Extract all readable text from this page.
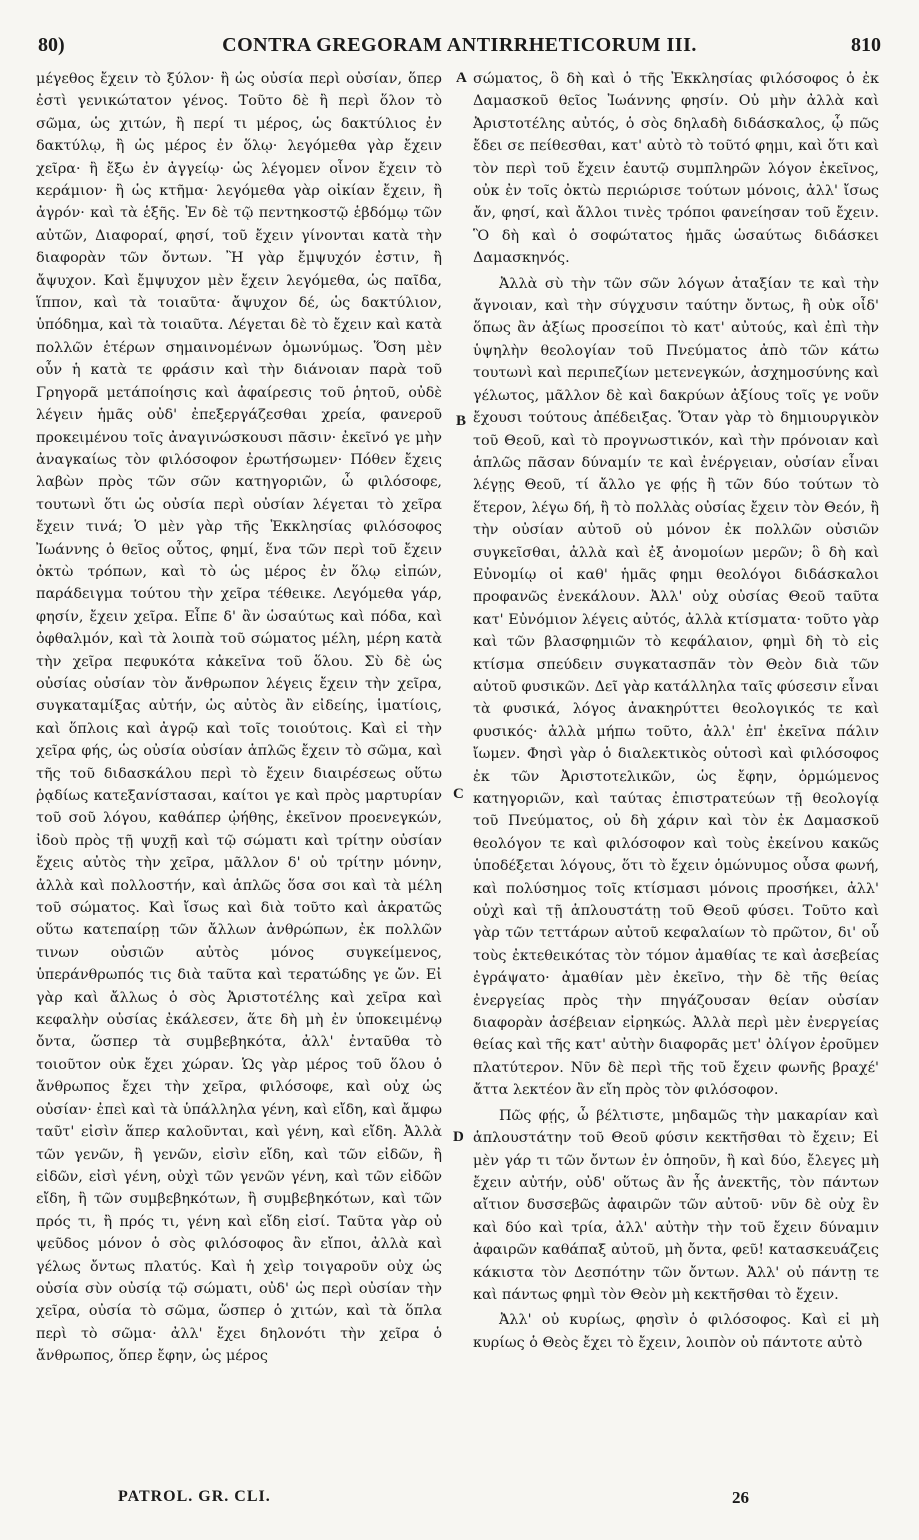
80)	CONTRA GREGORAM ANTIRRHETICORUM III.	810

μέγεθος ἔχειν τὸ ξύλον· ἢ ὡς οὐσία περὶ οὐσίαν, ὅπερ ἐστὶ γενικώτατον γένος. Τοῦτο δὲ ἢ περὶ ὅλον τὸ σῶμα, ὡς χιτών, ἢ περί τι μέρος, ὡς δακτύλιος ἐν δακτύλῳ, ἢ ὡς μέρος ἐν ὅλῳ· λεγόμεθα γὰρ ἔχειν χεῖρα· ἢ ἔξω ἐν ἀγγείῳ· ὡς λέγομεν οἶνον ἔχειν τὸ κεράμιον· ἢ ὡς κτῆμα· λεγόμεθα γὰρ οἰκίαν ἔχειν, ἢ ἀγρόν· καὶ τὰ ἑξῆς. Ἐν δὲ τῷ πεντηκοστῷ ἑβδόμῳ τῶν αὐτῶν, Διαφοραί, φησί, τοῦ ἔχειν γίνονται κατὰ τὴν διαφορὰν τῶν ὄντων. Ἢ γὰρ ἔμψυχόν ἐστιν, ἢ ἄψυχον. Καὶ ἔμψυχον μὲν ἔχειν λεγόμεθα, ὡς παῖδα, ἵππον, καὶ τὰ τοιαῦτα· ἄψυχον δέ, ὡς δακτύλιον, ὑπόδημα, καὶ τὰ τοιαῦτα. Λέγεται δὲ τὸ ἔχειν καὶ κατὰ πολλῶν ἑτέρων σημαινομένων ὁμωνύμως. Ὅση μὲν οὖν ἡ κατὰ τε φράσιν καὶ τὴν διάνοιαν παρὰ τοῦ Γρηγορᾶ μετάποίησις καὶ ἀφαίρεσις τοῦ ῥητοῦ, οὐδὲ λέγειν ἡμᾶς οὐδ' ἐπεξεργάζεσθαι χρεία, φανεροῦ προκειμένου τοῖς ἀναγινώσκουσι πᾶσιν· ἐκεῖνό γε μὴν ἀναγκαίως τὸν φιλόσοφον ἐρωτήσωμεν· Πόθεν ἔχεις λαβὼν πρὸς τῶν σῶν κατηγοριῶν, ὦ φιλόσοφε, τουτωνὶ ὅτι ὡς οὐσία περὶ οὐσίαν λέγεται τὸ χεῖρα ἔχειν τινά; Ὁ μὲν γὰρ τῆς Ἐκκλησίας φιλόσοφος Ἰωάννης ὁ θεῖος οὗτος, φημί, ἕνα τῶν περὶ τοῦ ἔχειν ὀκτὼ τρόπων, καὶ τὸ ὡς μέρος ἐν ὅλῳ εἰπών, παράδειγμα τούτου τὴν χεῖρα τέθεικε. Λεγόμεθα γάρ, φησίν, ἔχειν χεῖρα. Εἶπε δ' ἂν ὡσαύτως καὶ πόδα, καὶ ὀφθαλμόν, καὶ τὰ λοιπὰ τοῦ σώματος μέλη, μέρη κατὰ τὴν χεῖρα πεφυκότα κἀκεῖνα τοῦ ὅλου. Σὺ δὲ ὡς οὐσίας οὐσίαν τὸν ἄνθρωπον λέγεις ἔχειν τὴν χεῖρα, συγκαταμίξας αὐτήν, ὡς αὐτὸς ἂν εἰδείης, ἱματίοις, καὶ ὅπλοις καὶ ἀγρῷ καὶ τοῖς τοιούτοις. Καὶ εἰ τὴν χεῖρα φής, ὡς οὐσία οὐσίαν ἁπλῶς ἔχειν τὸ σῶμα, καὶ τῆς τοῦ διδασκάλου περὶ τὸ ἔχειν διαιρέσεως οὕτω ῥᾳδίως κατεξανίστασαι, καίτοι γε καὶ πρὸς μαρτυρίαν τοῦ σοῦ λόγου, καθάπερ ᾠήθης, ἐκεῖνον προενεγκών, ἰδοὺ πρὸς τῇ ψυχῇ καὶ τῷ σώματι καὶ τρίτην οὐσίαν ἔχεις αὐτὸς τὴν χεῖρα, μᾶλλον δ' οὐ τρίτην μόνην, ἀλλὰ καὶ πολλοστήν, καὶ ἁπλῶς ὅσα σοι καὶ τὰ μέλη τοῦ σώματος. Καὶ ἴσως καὶ διὰ τοῦτο καὶ ἀκρατῶς οὕτω κατεπαίρῃ τῶν ἄλλων ἀνθρώπων, ἐκ πολλῶν τινων οὐσιῶν αὐτὸς μόνος συγκείμενος, ὑπεράνθρωπός τις διὰ ταῦτα καὶ τερατώδης γε ὤν. Εἰ γὰρ καὶ ἄλλως ὁ σὸς Ἀριστοτέλης καὶ χεῖρα καὶ κεφαλὴν οὐσίας ἐκάλεσεν, ἅτε δὴ μὴ ἐν ὑποκειμένῳ ὄντα, ὥσπερ τὰ συμβεβηκότα, ἀλλ' ἐνταῦθα τὸ τοιοῦτον οὐκ ἔχει χώραν. Ὡς γὰρ μέρος τοῦ ὅλου ὁ ἄνθρωπος ἔχει τὴν χεῖρα, φιλόσοφε, καὶ οὐχ ὡς οὐσίαν· ἐπεὶ καὶ τὰ ὑπάλληλα γένη, καὶ εἴδη, καὶ ἄμφω ταῦτ' εἰσὶν ἅπερ καλοῦνται, καὶ γένη, καὶ εἴδη. Ἀλλὰ τῶν γενῶν, ἢ γενῶν, εἰσὶν εἴδη, καὶ τῶν εἰδῶν, ἢ εἰδῶν, εἰσὶ γένη, οὐχὶ τῶν γενῶν γένη, καὶ τῶν εἰδῶν εἴδη, ἢ τῶν συμβεβηκότων, ἢ συμβεβηκότων, καὶ τῶν πρός τι, ἢ πρός τι, γένη καὶ εἴδη εἰσί. Ταῦτα γὰρ οὐ ψεῦδος μόνον ὁ σὸς φιλόσοφος ἂν εἴποι, ἀλλὰ καὶ γέλως ὄντως πλατύς. Καὶ ἡ χεὶρ τοιγαροῦν οὐχ ὡς οὐσία σὺν οὐσίᾳ τῷ σώματι, οὐδ' ὡς περὶ οὐσίαν τὴν χεῖρα, οὐσία τὸ σῶμα, ὥσπερ ὁ χιτών, καὶ τὰ ὅπλα περὶ τὸ σῶμα· ἀλλ' ἔχει δηλονότι τὴν χεῖρα ὁ ἄνθρωπος, ὅπερ ἔφην, ὡς μέρος

σώματος, ὃ δὴ καὶ ὁ τῆς Ἐκκλησίας φιλόσοφος ὁ ἐκ Δαμασκοῦ θεῖος Ἰωάννης φησίν. Οὐ μὴν ἀλλὰ καὶ Ἀριστοτέλης αὐτός, ὁ σὸς δηλαδὴ διδάσκαλος, ᾧ πῶς ἔδει σε πείθεσθαι, κατ' αὐτὸ τὸ τοῦτό φημι, καὶ ὅτι καὶ τὸν περὶ τοῦ ἔχειν ἑαυτῷ συμπληρῶν λόγον ἐκεῖνος, οὐκ ἐν τοῖς ὀκτὼ περιώρισε τούτων μόνοις, ἀλλ' ἴσως ἄν, φησί, καὶ ἄλλοι τινὲς τρόποι φανείησαν τοῦ ἔχειν. Ὃ δὴ καὶ ὁ σοφώτατος ἡμᾶς ὡσαύτως διδάσκει Δαμασκηνός.

Ἀλλὰ σὺ τὴν τῶν σῶν λόγων ἀταξίαν τε καὶ τὴν ἄγνοιαν, καὶ τὴν σύγχυσιν ταύτην ὄντως, ἢ οὐκ οἶδ' ὅπως ἂν ἀξίως προσείποι τὸ κατ' αὐτούς, καὶ ἐπὶ τὴν ὑψηλὴν θεολογίαν τοῦ Πνεύματος ἀπὸ τῶν κάτω τουτωνὶ καὶ περιπεζίων μετενεγκών, ἀσχημοσύνης καὶ γέλωτος, μᾶλλον δὲ καὶ δακρύων ἀξίους τοῖς γε νοῦν ἔχουσι τούτους ἀπέδειξας. Ὅταν γὰρ τὸ δημιουργικὸν τοῦ Θεοῦ, καὶ τὸ προγνωστικόν, καὶ τὴν πρόνοιαν καὶ ἁπλῶς πᾶσαν δύναμίν τε καὶ ἐνέργειαν, οὐσίαν εἶναι λέγῃς Θεοῦ, τί ἄλλο γε φῄς ἢ τῶν δύο τούτων τὸ ἕτερον, λέγω δή, ἢ τὸ πολλὰς οὐσίας ἔχειν τὸν Θεόν, ἢ τὴν οὐσίαν αὐτοῦ οὐ μόνον ἐκ πολλῶν οὐσιῶν συγκεῖσθαι, ἀλλὰ καὶ ἐξ ἀνομοίων μερῶν; ὃ δὴ καὶ Εὐνομίῳ οἱ καθ' ἡμᾶς φημι θεολόγοι διδάσκαλοι προφανῶς ἐνεκάλουν. Ἀλλ' οὐχ οὐσίας Θεοῦ ταῦτα κατ' Εὐνόμιον λέγεις αὐτός, ἀλλὰ κτίσματα· τοῦτο γὰρ καὶ τῶν βλασφημιῶν τὸ κεφάλαιον, φημὶ δὴ τὸ εἰς κτίσμα σπεύδειν συγκατασπᾶν τὸν Θεὸν διὰ τῶν αὐτοῦ φυσικῶν. Δεῖ γὰρ κατάλληλα ταῖς φύσεσιν εἶναι τὰ φυσικά, λόγος ἀνακηρύττει θεολογικός τε καὶ φυσικός· ἀλλὰ μήπω τοῦτο, ἀλλ' ἐπ' ἐκεῖνα πάλιν ἴωμεν. Φησὶ γὰρ ὁ διαλεκτικὸς οὑτοσὶ καὶ φιλόσοφος ἐκ τῶν Ἀριστοτελικῶν, ὡς ἔφην, ὁρμώμενος κατηγοριῶν, καὶ ταύτας ἐπιστρατεύων τῇ θεολογίᾳ τοῦ Πνεύματος, οὐ δὴ χάριν καὶ τὸν ἐκ Δαμασκοῦ θεολόγον τε καὶ φιλόσοφον καὶ τοὺς ἐκείνου κακῶς ὑποδέξεται λόγους, ὅτι τὸ ἔχειν ὁμώνυμος οὖσα φωνή, καὶ πολύσημος τοῖς κτίσμασι μόνοις προσήκει, ἀλλ' οὐχὶ καὶ τῇ ἁπλουστάτῃ τοῦ Θεοῦ φύσει. Τοῦτο καὶ γὰρ τῶν τεττάρων αὐτοῦ κεφαλαίων τὸ πρῶτον, δι' οὗ τοὺς ἐκτεθεικότας τὸν τόμον ἀμαθίας τε καὶ ἀσεβείας ἐγράψατο· ἀμαθίαν μὲν ἐκεῖνο, τὴν δὲ τῆς θείας ἐνεργείας πρὸς τὴν πηγάζουσαν θείαν οὐσίαν διαφορὰν ἀσέβειαν εἰρηκώς. Ἀλλὰ περὶ μὲν ἐνεργείας θείας καὶ τῆς κατ' αὐτὴν διαφορᾶς μετ' ὀλίγον ἐροῦμεν πλατύτερον. Νῦν δὲ περὶ τῆς τοῦ ἔχειν φωνῆς βραχέ' ἄττα λεκτέον ἂν εἴη πρὸς τὸν φιλόσοφον.

Πῶς φῄς, ὦ βέλτιστε, μηδαμῶς τὴν μακαρίαν καὶ ἁπλουστάτην τοῦ Θεοῦ φύσιν κεκτῆσθαι τὸ ἔχειν; Εἰ μὲν γάρ τι τῶν ὄντων ἐν ὁπηοῦν, ἢ καὶ δύο, ἔλεγες μὴ ἔχειν αὐτήν, οὐδ' οὕτως ἂν ἧς ἀνεκτῆς, τὸν πάντων αἴτιον δυσσεβῶς ἀφαιρῶν τῶν αὐτοῦ· νῦν δὲ οὐχ ἓν καὶ δύο καὶ τρία, ἀλλ' αὐτὴν τὴν τοῦ ἔχειν δύναμιν ἀφαιρῶν καθάπαξ αὐτοῦ, μὴ ὄντα, φεῦ! κατασκευάζεις κάκιστα τὸν Δεσπότην τῶν ὄντων. Ἀλλ' οὐ πάντῃ τε καὶ πάντως φημὶ τὸν Θεὸν μὴ κεκτῆσθαι τὸ ἔχειν.

Ἀλλ' οὐ κυρίως, φησὶν ὁ φιλόσοφος. Καὶ εἰ μὴ κυρίως ὁ Θεὸς ἔχει τὸ ἔχειν, λοιπὸν οὐ πάντοτε αὐτὸ

A
B
C
D
PATROL. GR. CLI.	26
